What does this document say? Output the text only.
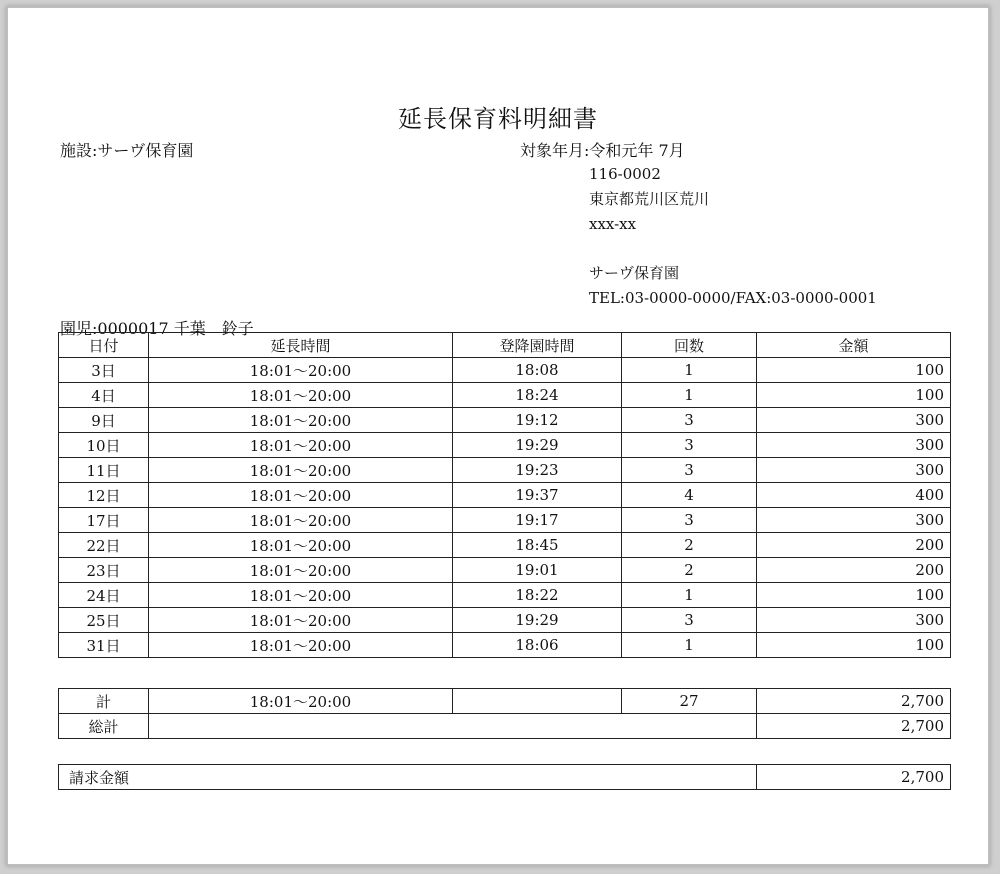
延長保育料明細書
施設:サーヴ保育園	対象年月:令和元年 7月
116-0002
東京都荒川区荒川
xxx-xx
サーヴ保育園
TEL:03-0000-0000/FAX:03-0000-0001
園児:0000017 千葉　鈴子
日付	延長時間	登降園時間	回数	金額
3日	18:01～20:00	18:08	1	100
4日	18:01～20:00	18:24	1	100
9日	18:01～20:00	19:12	3	300
10日	18:01～20:00	19:29	3	300
11日	18:01～20:00	19:23	3	300
12日	18:01～20:00	19:37	4	400
17日	18:01～20:00	19:17	3	300
22日	18:01～20:00	18:45	2	200
23日	18:01～20:00	19:01	2	200
24日	18:01～20:00	18:22	1	100
25日	18:01～20:00	19:29	3	300
31日	18:01～20:00	18:06	1	100
計	18:01～20:00		27	2,700
総計				2,700
請求金額	2,700
